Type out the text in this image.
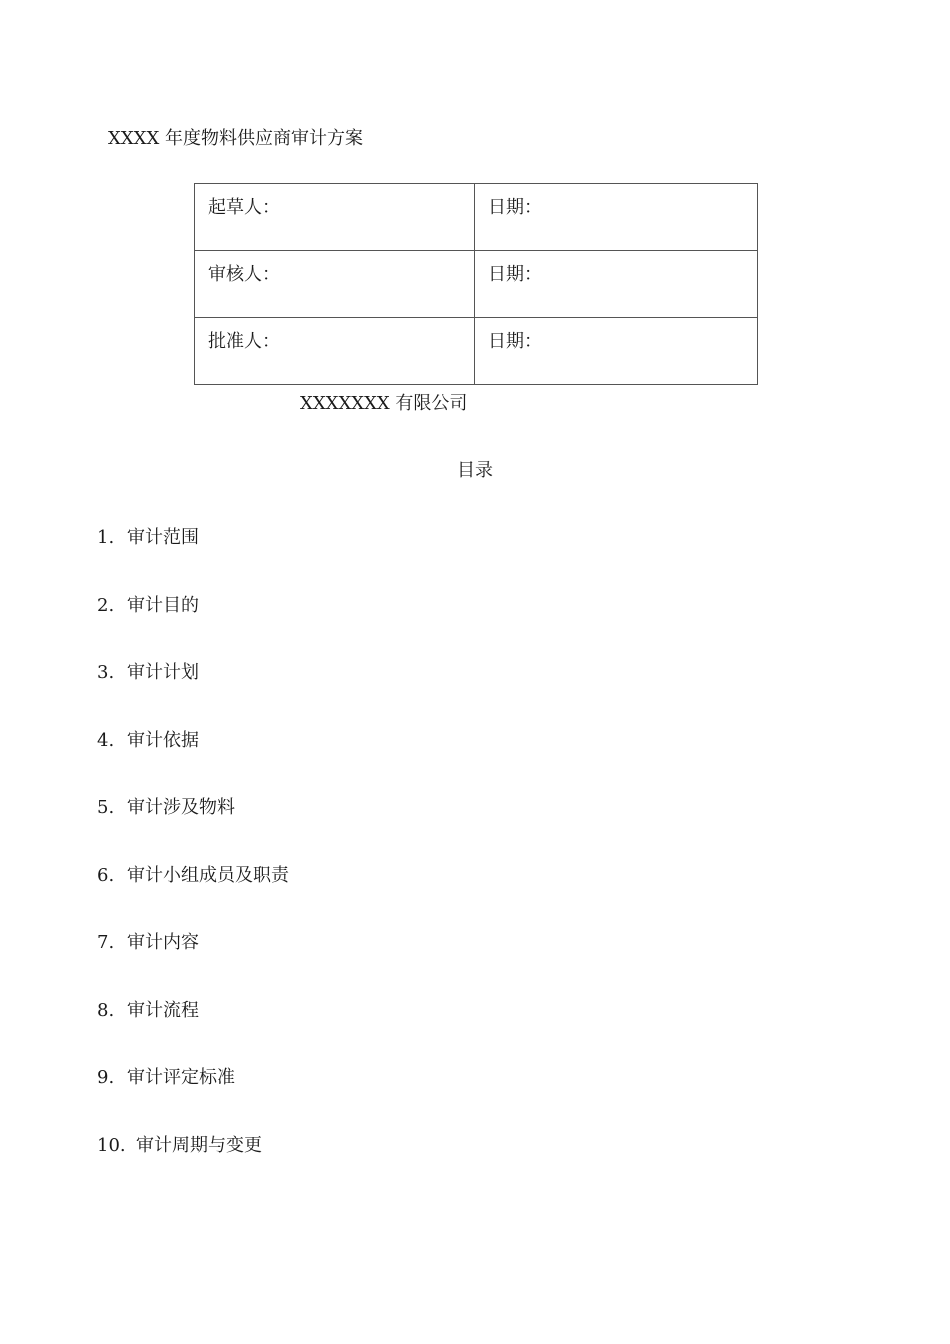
XXXX 年度物料供应商审计方案
起草人：	日期：
审核人：	日期：
批准人：	日期：
XXXXXXX 有限公司
目录
1. 审计范围
2. 审计目的
3. 审计计划
4. 审计依据
5. 审计涉及物料
6. 审计小组成员及职责
7. 审计内容
8. 审计流程
9. 审计评定标准
10. 审计周期与变更
